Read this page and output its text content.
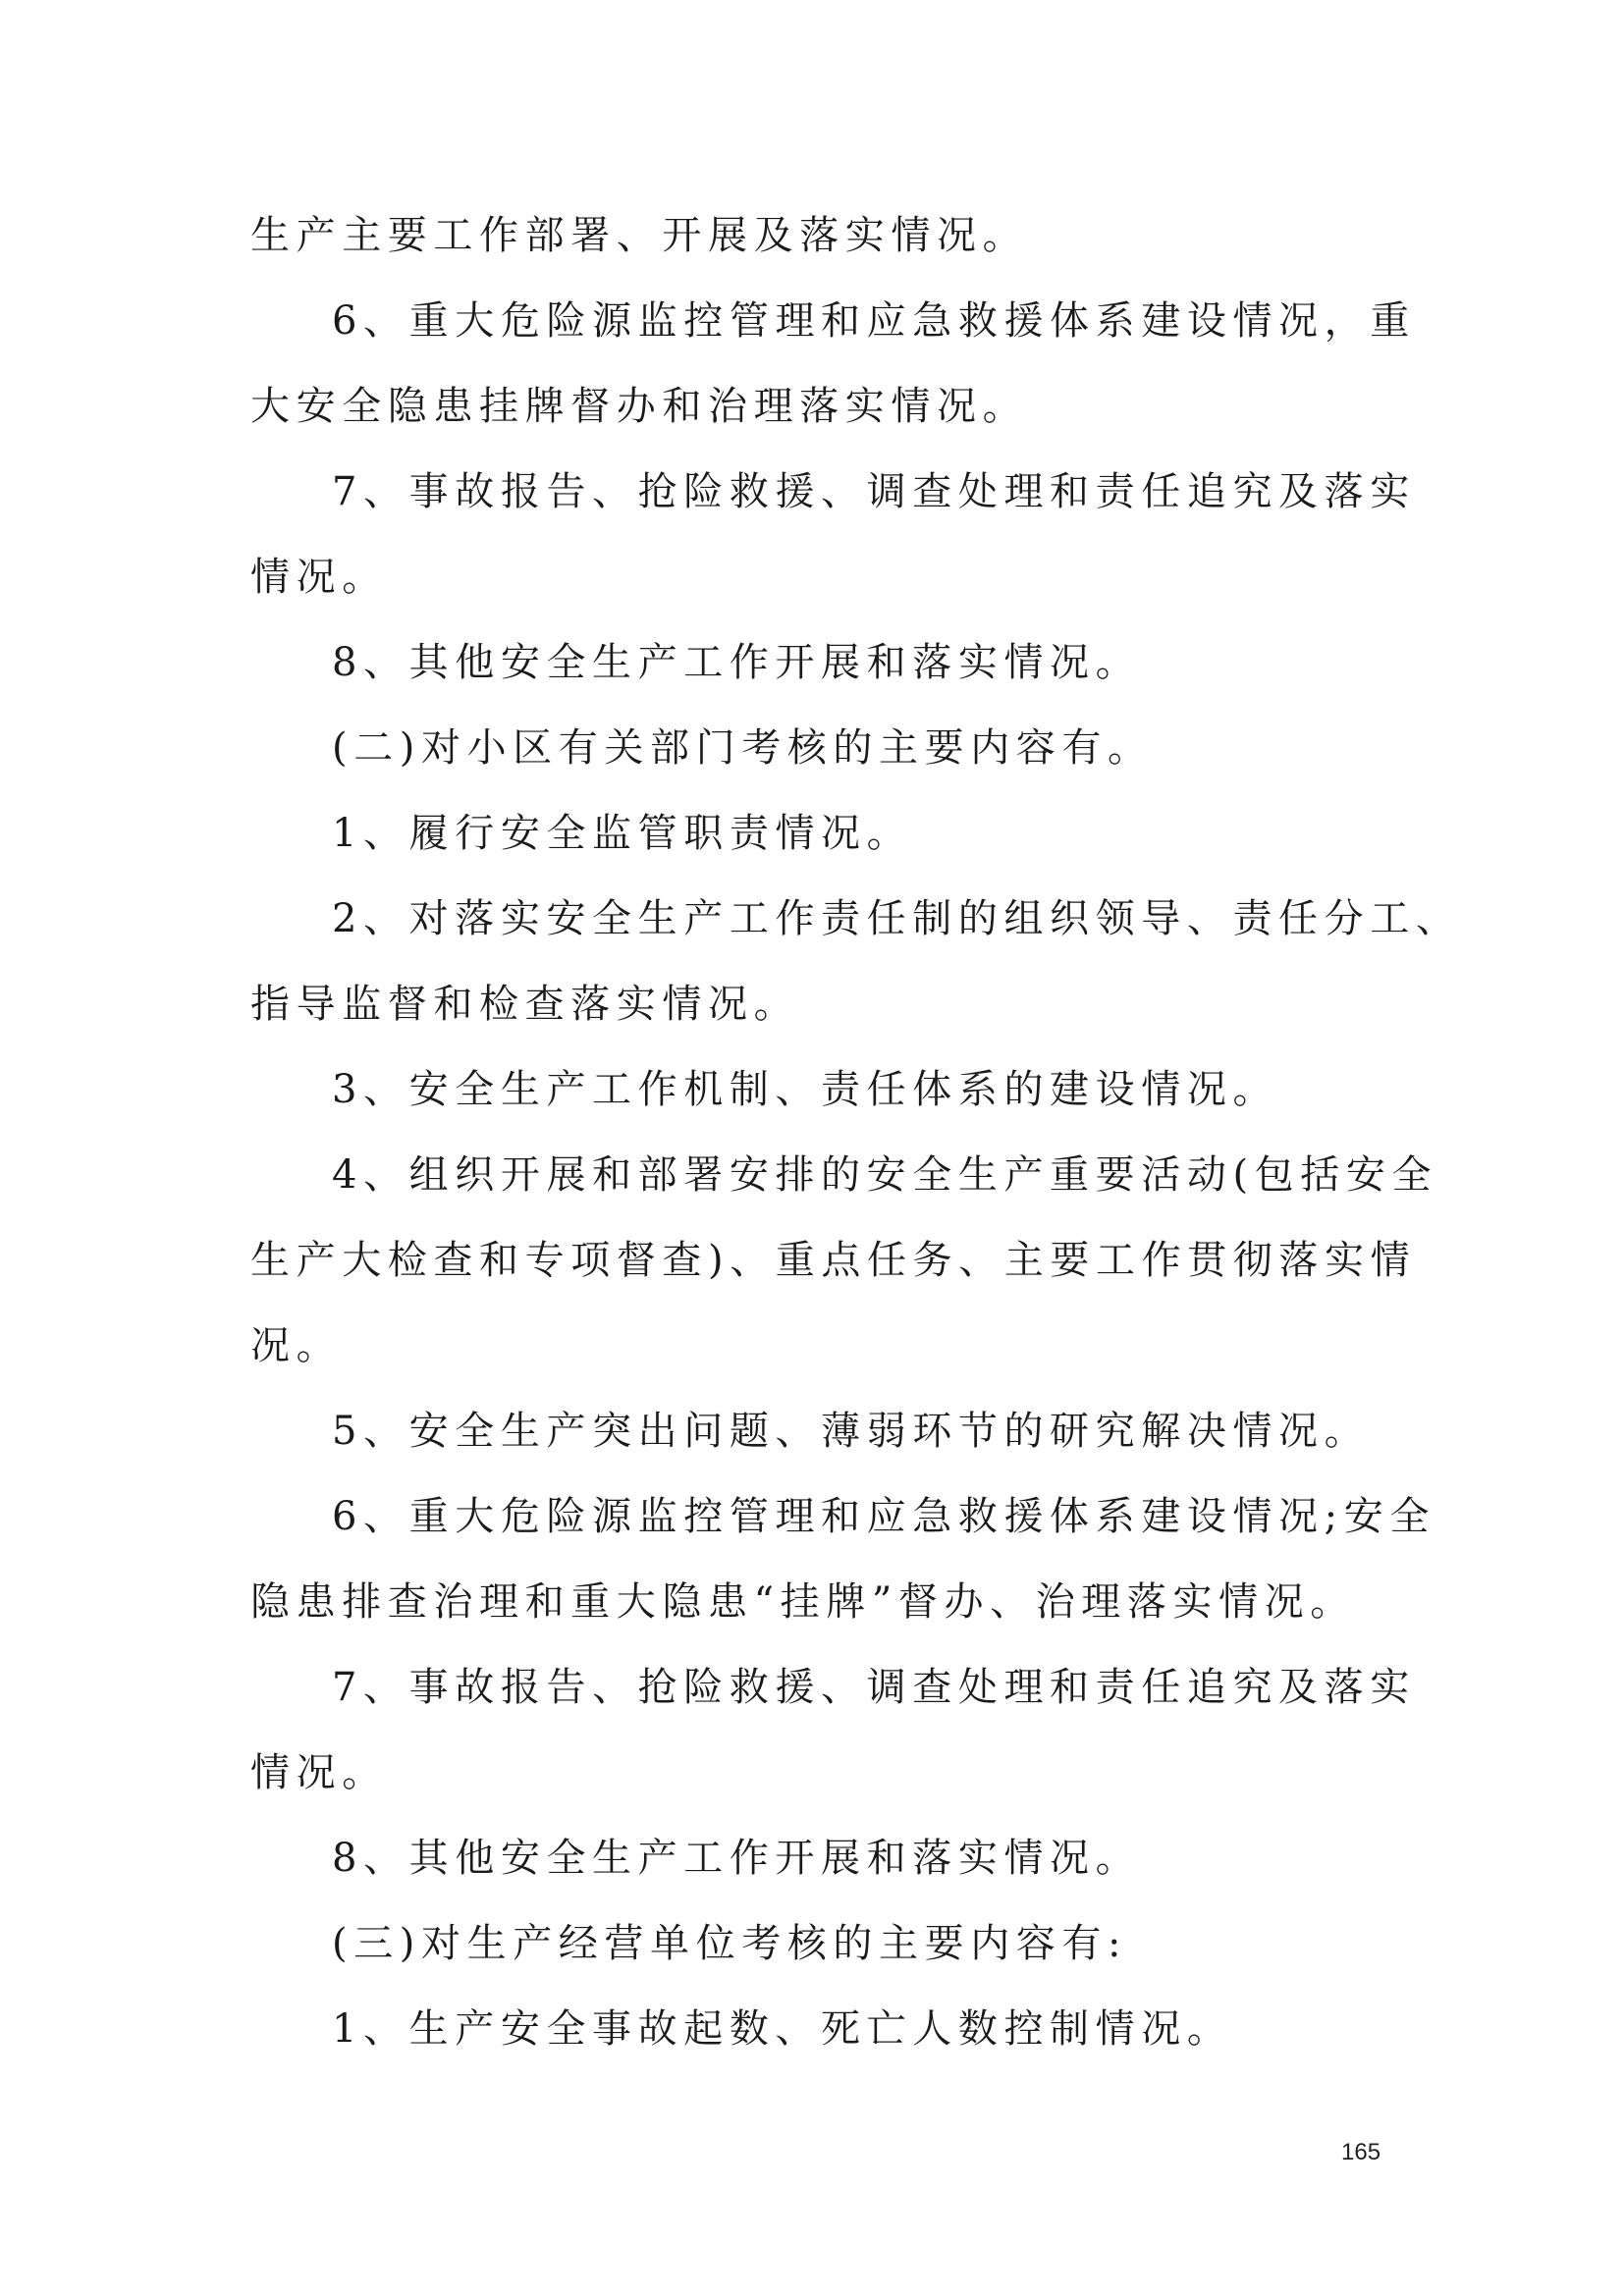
生产主要工作部署、开展及落实情况。
6、重大危险源监控管理和应急救援体系建设情况，重
大安全隐患挂牌督办和治理落实情况。
7、事故报告、抢险救援、调查处理和责任追究及落实
情况。
8、其他安全生产工作开展和落实情况。
(二)对小区有关部门考核的主要内容有。
1、履行安全监管职责情况。
2、对落实安全生产工作责任制的组织领导、责任分工、
指导监督和检查落实情况。
3、安全生产工作机制、责任体系的建设情况。
4、组织开展和部署安排的安全生产重要活动(包括安全
生产大检查和专项督查)、重点任务、主要工作贯彻落实情
况。
5、安全生产突出问题、薄弱环节的研究解决情况。
6、重大危险源监控管理和应急救援体系建设情况;安全
隐患排查治理和重大隐患“挂牌”督办、治理落实情况。
7、事故报告、抢险救援、调查处理和责任追究及落实
情况。
8、其他安全生产工作开展和落实情况。
(三)对生产经营单位考核的主要内容有:
1、生产安全事故起数、死亡人数控制情况。
165
